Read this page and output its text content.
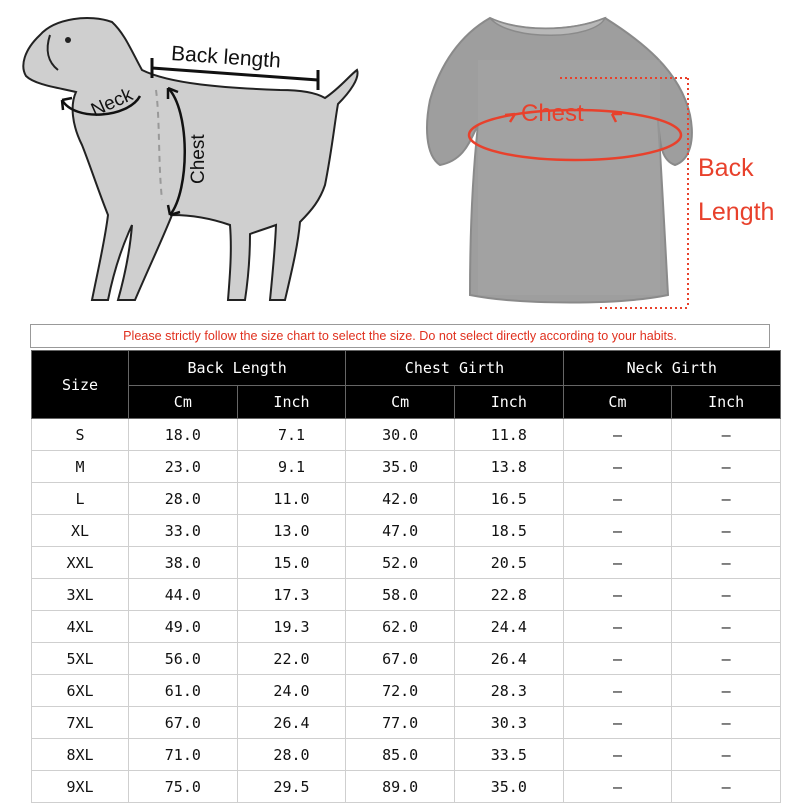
Back length
Neck
Chest
Chest
Back
Length
Please strictly follow the size chart to select the size. Do not select directly according to your habits.
Size	Back Length		Chest Girth		Neck Girth	
	Cm	Inch	Cm	Inch	Cm	Inch
S	18.0	7.1	30.0	11.8	–	–
M	23.0	9.1	35.0	13.8	–	–
L	28.0	11.0	42.0	16.5	–	–
XL	33.0	13.0	47.0	18.5	–	–
XXL	38.0	15.0	52.0	20.5	–	–
3XL	44.0	17.3	58.0	22.8	–	–
4XL	49.0	19.3	62.0	24.4	–	–
5XL	56.0	22.0	67.0	26.4	–	–
6XL	61.0	24.0	72.0	28.3	–	–
7XL	67.0	26.4	77.0	30.3	–	–
8XL	71.0	28.0	85.0	33.5	–	–
9XL	75.0	29.5	89.0	35.0	–	–
